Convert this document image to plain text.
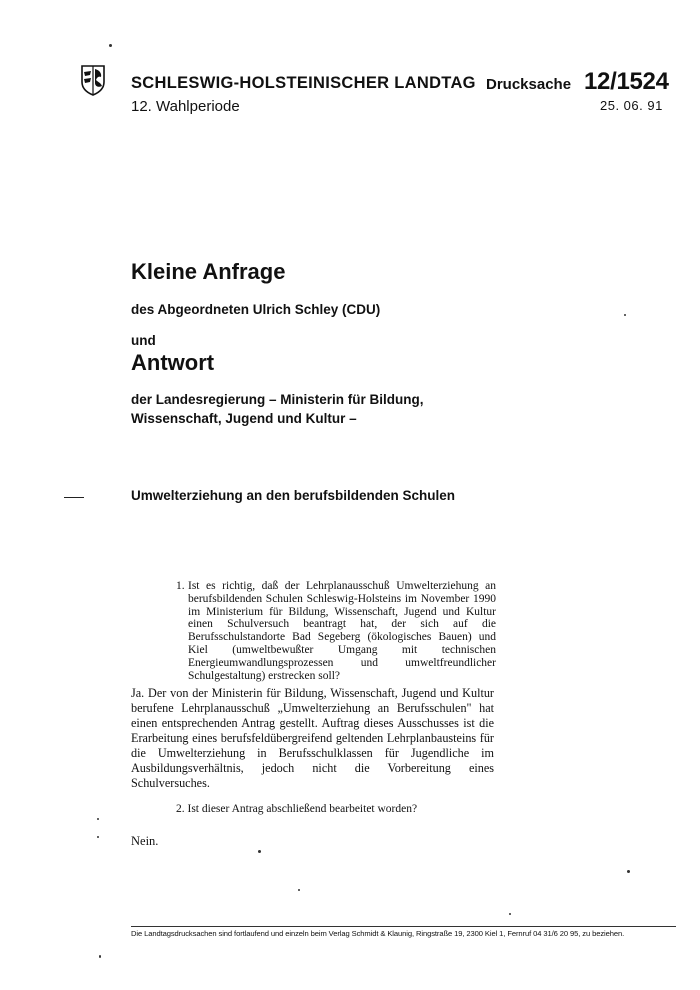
SCHLESWIG-HOLSTEINISCHER LANDTAG
12. Wahlperiode
Drucksache 12/1524
25. 06. 91
Kleine Anfrage
des Abgeordneten Ulrich Schley (CDU)
und
Antwort
der Landesregierung – Ministerin für Bildung,
Wissenschaft, Jugend und Kultur –
Umwelterziehung an den berufsbildenden Schulen
1. Ist es richtig, daß der Lehrplanausschuß Umwelterziehung an berufsbildenden Schulen Schleswig-Holsteins im November 1990 im Ministerium für Bildung, Wissenschaft, Jugend und Kultur einen Schulversuch beantragt hat, der sich auf die Berufsschulstandorte Bad Segeberg (ökologisches Bauen) und Kiel (umweltbewußter Umgang mit technischen Energieumwandlungsprozessen und umweltfreundlicher Schulgestaltung) erstrecken soll?
Ja. Der von der Ministerin für Bildung, Wissenschaft, Jugend und Kultur berufene Lehrplanausschuß „Umwelterziehung an Berufsschulen" hat einen entsprechenden Antrag gestellt. Auftrag dieses Ausschusses ist die Erarbeitung eines berufsfeldübergreifend geltenden Lehrplanbausteins für die Umwelterziehung in Berufsschulklassen für Jugendliche im Ausbildungsverhältnis, jedoch nicht die Vorbereitung eines Schulversuches.
2. Ist dieser Antrag abschließend bearbeitet worden?
Nein.
Die Landtagsdrucksachen sind fortlaufend und einzeln beim Verlag Schmidt & Klaunig, Ringstraße 19, 2300 Kiel 1, Fernruf 04 31/6 20 95, zu beziehen.
